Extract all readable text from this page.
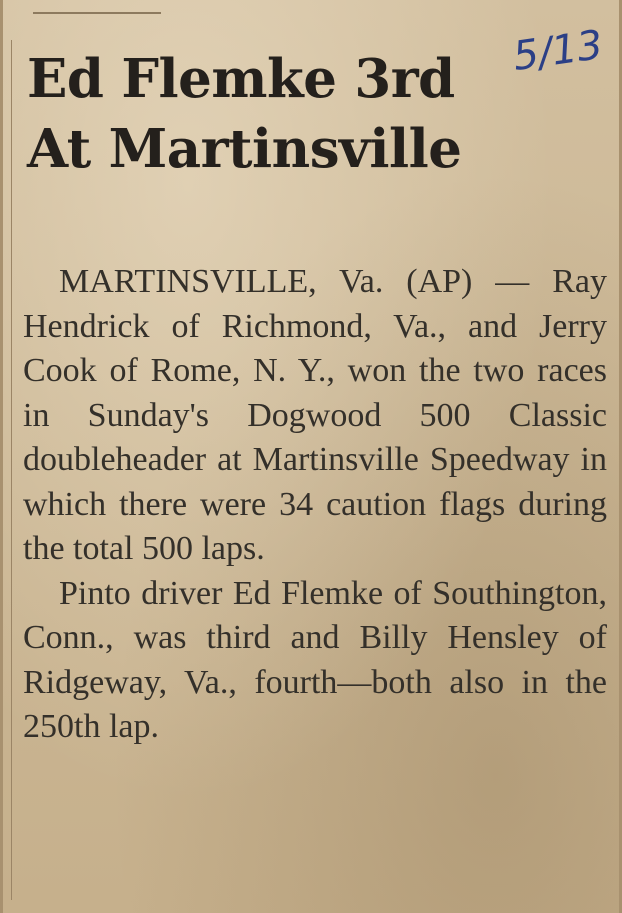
Ed Flemke 3rd
At Martinsville
5/13

MARTINSVILLE, Va. (AP) — Ray Hendrick of Richmond, Va., and Jerry Cook of Rome, N. Y., won the two races in Sunday's Dogwood 500 Classic doubleheader at Martinsville Speedway in which there were 34 caution flags during the total 500 laps.

Pinto driver Ed Flemke of Southington, Conn., was third and Billy Hensley of Ridgeway, Va., fourth—both also in the 250th lap.
